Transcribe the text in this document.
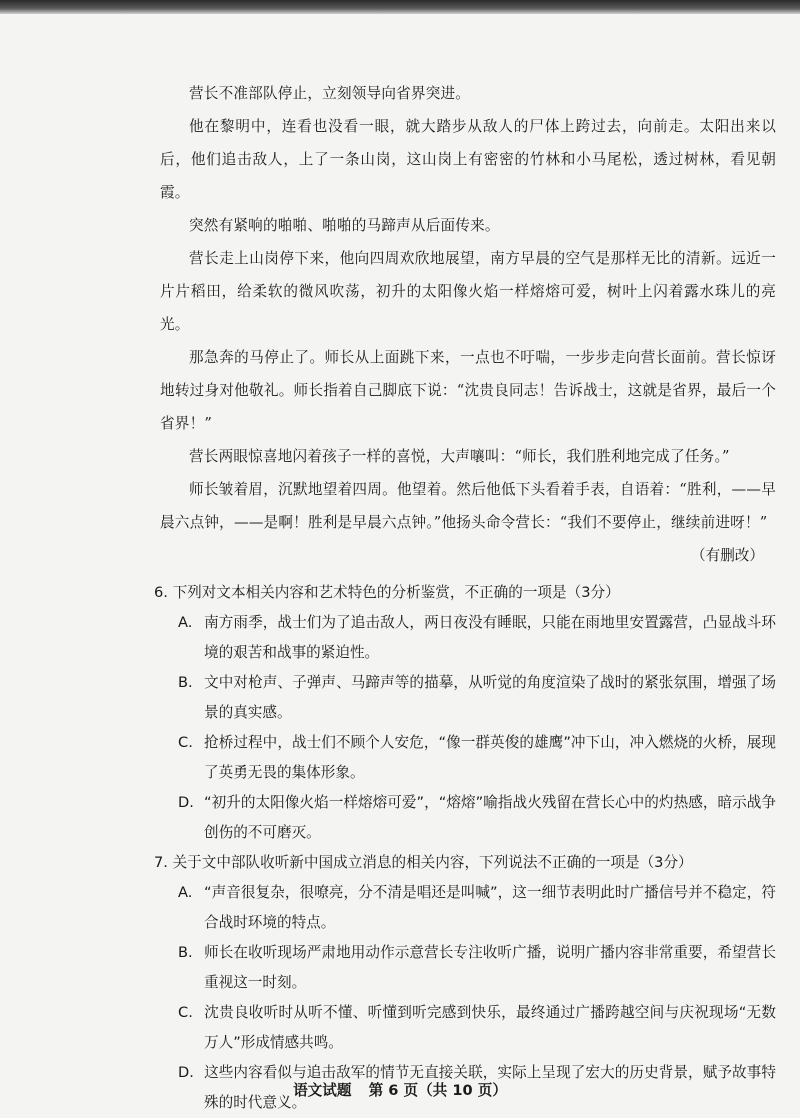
营长不准部队停止，立刻领导向省界突进。

他在黎明中，连看也没看一眼，就大踏步从敌人的尸体上跨过去，向前走。太阳出来以后，他们追击敌人，上了一条山岗，这山岗上有密密的竹林和小马尾松，透过树林，看见朝霞。

突然有紧响的啪啪、啪啪的马蹄声从后面传来。

营长走上山岗停下来，他向四周欢欣地展望，南方早晨的空气是那样无比的清新。远近一片片稻田，给柔软的微风吹荡，初升的太阳像火焰一样熔熔可爱，树叶上闪着露水珠儿的亮光。

那急奔的马停止了。师长从上面跳下来，一点也不吁喘，一步步走向营长面前。营长惊讶地转过身对他敬礼。师长指着自己脚底下说：“沈贵良同志！告诉战士，这就是省界，最后一个省界！”

营长两眼惊喜地闪着孩子一样的喜悦，大声嚷叫：“师长，我们胜利地完成了任务。”

师长皱着眉，沉默地望着四周。他望着。然后他低下头看着手表，自语着：“胜利，——早晨六点钟，——是啊！胜利是早晨六点钟。”他扬头命令营长：“我们不要停止，继续前进呀！”

（有删改）

6. 下列对文本相关内容和艺术特色的分析鉴赏，不正确的一项是（3分）

A. 南方雨季，战士们为了追击敌人，两日夜没有睡眠，只能在雨地里安置露营，凸显战斗环境的艰苦和战事的紧迫性。

B. 文中对枪声、子弹声、马蹄声等的描摹，从听觉的角度渲染了战时的紧张氛围，增强了场景的真实感。

C. 抢桥过程中，战士们不顾个人安危，“像一群英俊的雄鹰”冲下山，冲入燃烧的火桥，展现了英勇无畏的集体形象。

D. “初升的太阳像火焰一样熔熔可爱”，“熔熔”喻指战火残留在营长心中的灼热感，暗示战争创伤的不可磨灭。

7. 关于文中部队收听新中国成立消息的相关内容，下列说法不正确的一项是（3分）

A. “声音很复杂，很嘹亮，分不清是唱还是叫喊”，这一细节表明此时广播信号并不稳定，符合战时环境的特点。

B. 师长在收听现场严肃地用动作示意营长专注收听广播，说明广播内容非常重要，希望营长重视这一时刻。

C. 沈贵良收听时从听不懂、听懂到听完感到快乐，最终通过广播跨越空间与庆祝现场“无数万人”形成情感共鸣。

D. 这些内容看似与追击敌军的情节无直接关联，实际上呈现了宏大的历史背景，赋予故事特殊的时代意义。

语文试题 第 6 页（共 10 页）
